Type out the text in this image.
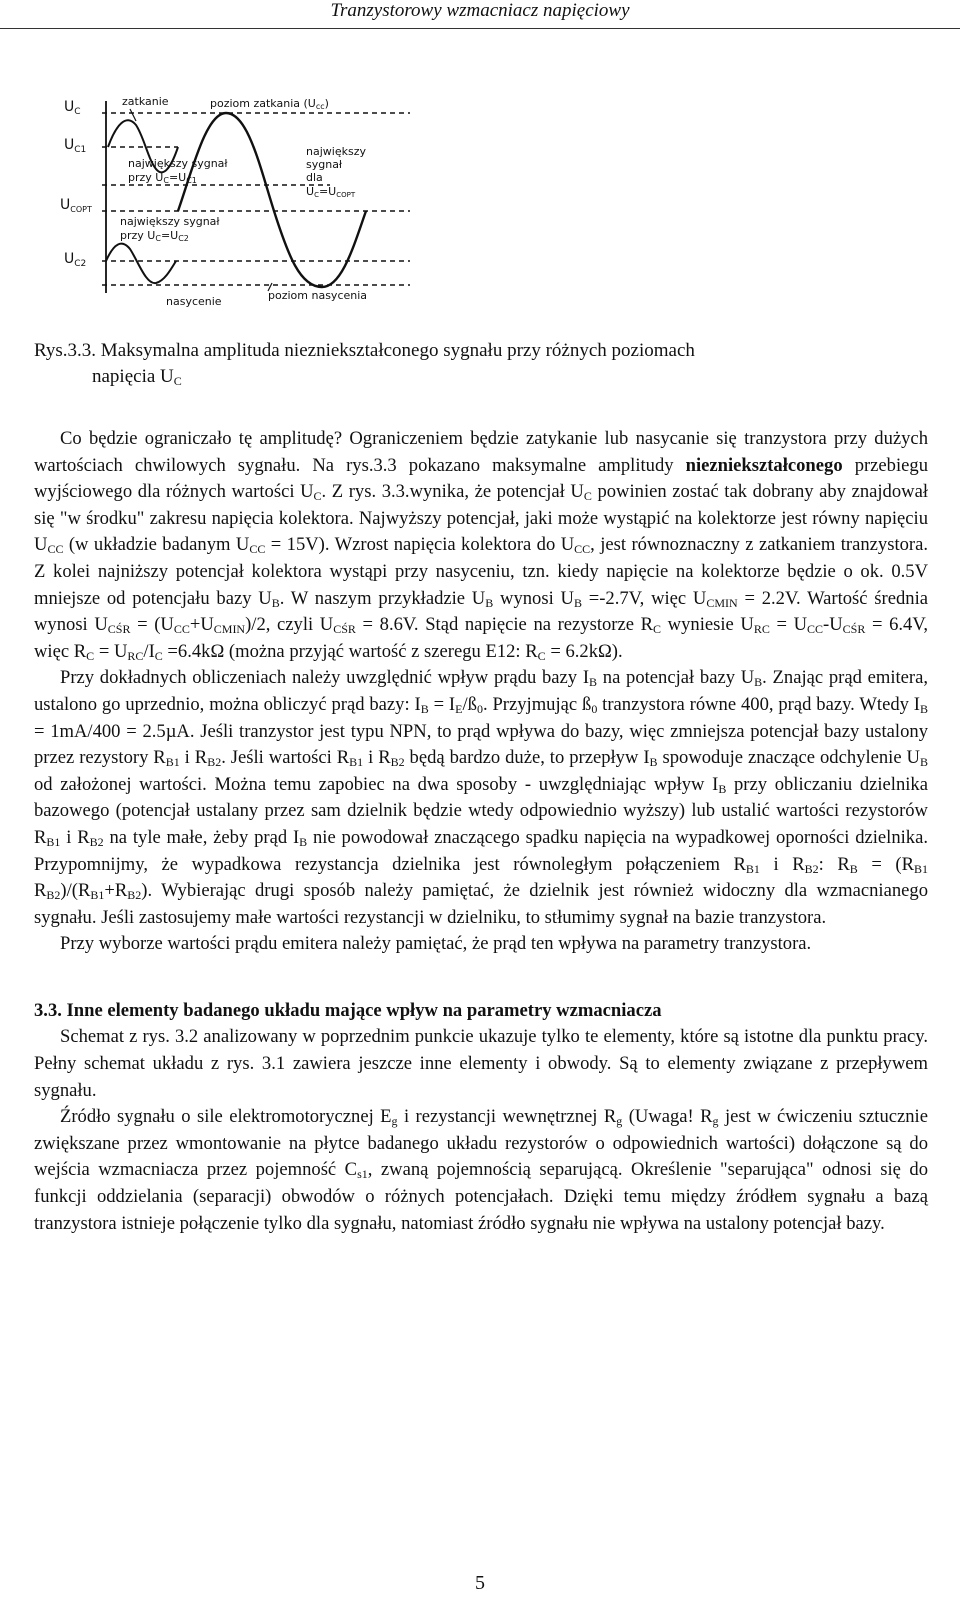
Tranzystorowy wzmacniacz napięciowy
$U_C$
$U_{C1}$
$U_{COPT}$
$U_{C2}$
zatkanie	poziom zatkania (Ucc)
największy sygnał
przy UC=UC1
największy
sygnał
dla
UC=UCOPT
największy sygnał
przy UC=UC2
nasycenie	poziom nasycenia
Rys.3.3. Maksymalna amplituda niezniekształconego sygnału przy różnych poziomach
napięcia $U_C$

Co będzie ograniczało tę amplitudę? Ograniczeniem będzie zatykanie lub nasycanie się tranzystora przy dużych wartościach chwilowych sygnału. Na rys.3.3 pokazano maksymalne amplitudy niezniekształconego przebiegu wyjściowego dla różnych wartości $U_C$. Z rys. 3.3.wynika, że potencjał $U_C$ powinien zostać tak dobrany aby znajdował się "w środku" zakresu napięcia kolektora. Najwyższy potencjał, jaki może wystąpić na kolektorze jest równy napięciu $U_{CC}$ (w układzie badanym $U_{CC} = 15V$). Wzrost napięcia kolektora do $U_{CC}$, jest równoznaczny z zatkaniem tranzystora. Z kolei najniższy potencjał kolektora wystąpi przy nasyceniu, tzn. kiedy napięcie na kolektorze będzie o ok. 0.5V mniejsze od potencjału bazy $U_B$. W naszym przykładzie $U_B$ wynosi $U_B =-2.7V$, więc $U_{CMIN} = 2.2V$. Wartość średnia wynosi $U_{CŚR} = (U_{CC}+U_{CMIN})/2$, czyli $U_{CŚR} = 8.6V$. Stąd napięcie na rezystorze $R_C$ wyniesie $U_{RC} = U_{CC}-U_{CŚR} = 6.4V$, więc $R_C = U_{RC}/I_C =6.4k\Omega$ (można przyjąć wartość z szeregu E12: $R_C = 6.2k\Omega$).

Przy dokładnych obliczeniach należy uwzględnić wpływ prądu bazy $I_B$ na potencjał bazy $U_B$. Znając prąd emitera, ustalono go uprzednio, można obliczyć prąd bazy: $I_B$ = $I_E/ß_0$. Przyjmując $ß_0$ tranzystora równe 400, prąd bazy. Wtedy $I_B = 1mA/400 = 2.5\mu A$. Jeśli tranzystor jest typu NPN, to prąd wpływa do bazy, więc zmniejsza potencjał bazy ustalony przez rezystory $R_{B1}$ i $R_{B2}$. Jeśli wartości $R_{B1}$ i $R_{B2}$ będą bardzo duże, to przepływ $I_B$ spowoduje znaczące odchylenie $U_B$ od założonej wartości. Można temu zapobiec na dwa sposoby - uwzględniając wpływ $I_B$ przy obliczaniu dzielnika bazowego (potencjał ustalany przez sam dzielnik będzie wtedy odpowiednio wyższy) lub ustalić wartości rezystorów $R_{B1}$ i $R_{B2}$ na tyle małe, żeby prąd $I_B$ nie powodował znaczącego spadku napięcia na wypadkowej oporności dzielnika. Przypomnijmy, że wypadkowa rezystancja dzielnika jest równoległym połączeniem $R_{B1}$ i $R_{B2}$: $R_B = (R_{B1}$ $R_{B2})/(R_{B1}+R_{B2})$. Wybierając drugi sposób należy pamiętać, że dzielnik jest również widoczny dla wzmacnianego sygnału. Jeśli zastosujemy małe wartości rezystancji w dzielniku, to stłumimy sygnał na bazie tranzystora.

Przy wyborze wartości prądu emitera należy pamiętać, że prąd ten wpływa na parametry tranzystora.

3.3. Inne elementy badanego układu mające wpływ na parametry wzmacniacza

Schemat z rys. 3.2 analizowany w poprzednim punkcie ukazuje tylko te elementy, które są istotne dla punktu pracy. Pełny schemat układu z rys. 3.1 zawiera jeszcze inne elementy i obwody. Są to elementy związane z przepływem sygnału.

Źródło sygnału o sile elektromotorycznej $E_g$ i rezystancji wewnętrznej $R_g$ (Uwaga! $R_g$ jest w ćwiczeniu sztucznie zwiększane przez wmontowanie na płytce badanego układu rezystorów o odpowiednich wartości) dołączone są do wejścia wzmacniacza przez pojemność $C_{s1}$, zwaną pojemnością separującą. Określenie "separująca" odnosi się do funkcji oddzielania (separacji) obwodów o różnych potencjałach. Dzięki temu między źródłem sygnału a bazą tranzystora istnieje połączenie tylko dla sygnału, natomiast źródło sygnału nie wpływa na ustalony potencjał bazy.

5
